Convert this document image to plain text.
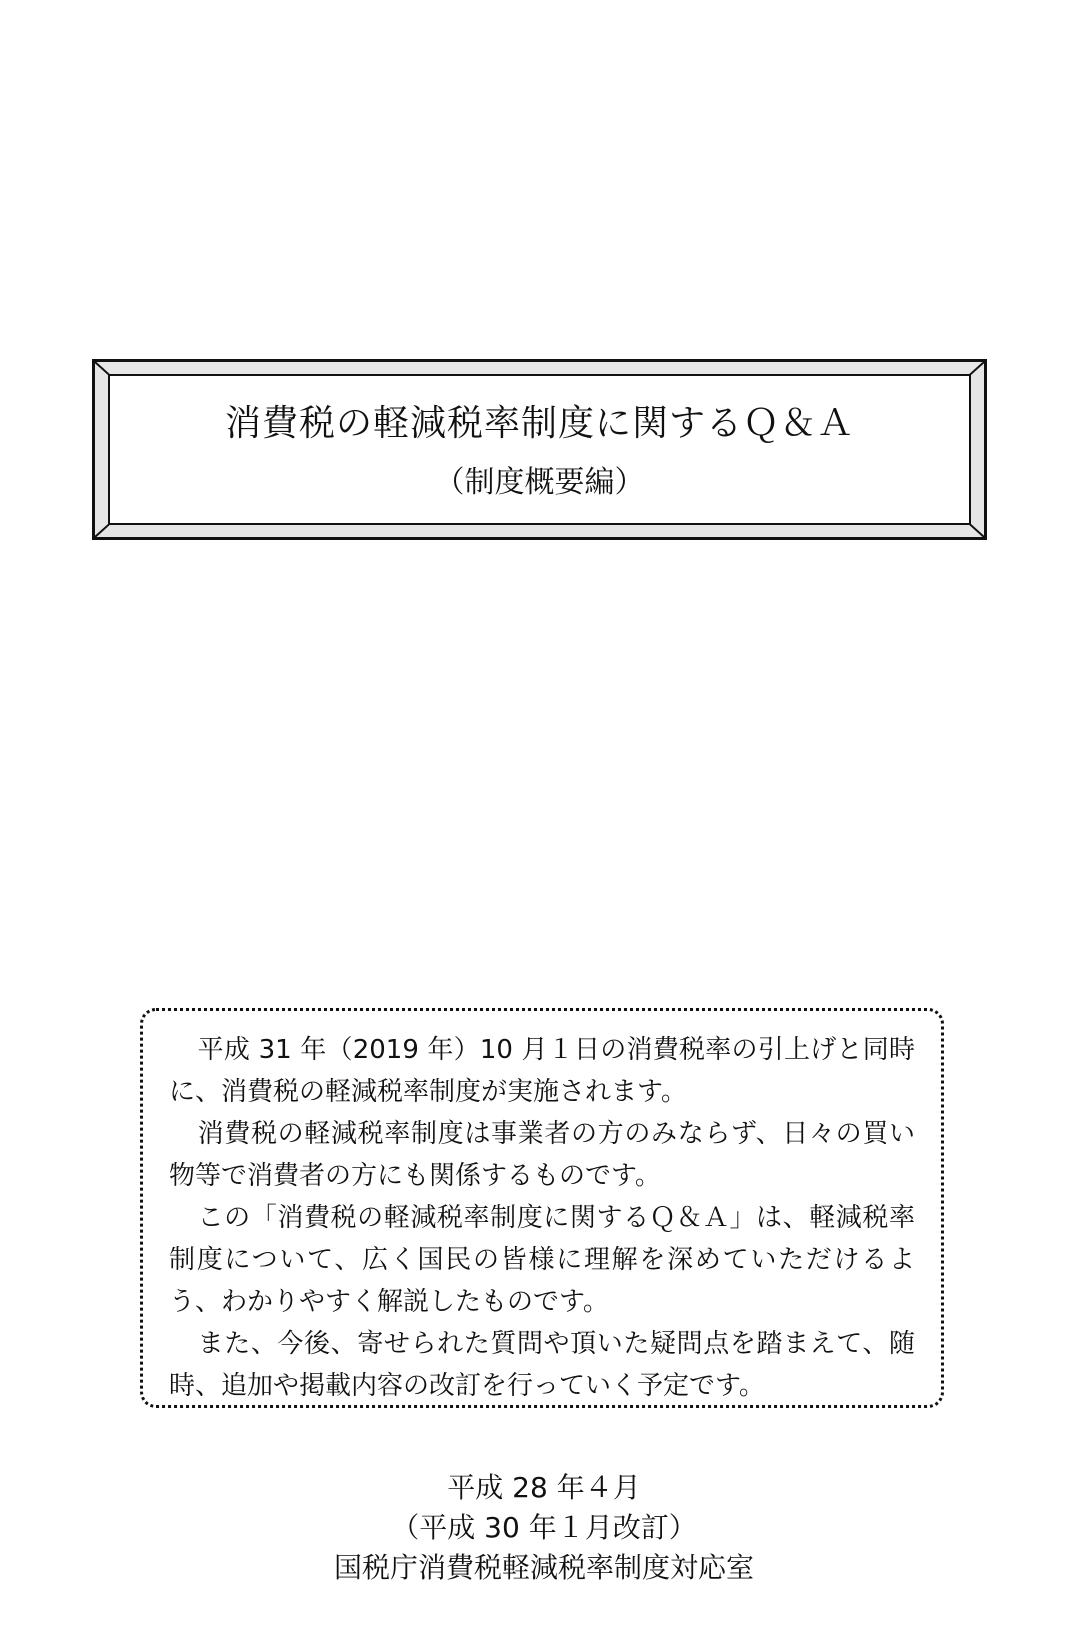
消費税の軽減税率制度に関するＱ＆Ａ
（制度概要編）

平成 31 年（2019 年）10 月１日の消費税率の引上げと同時に、消費税の軽減税率制度が実施されます。

消費税の軽減税率制度は事業者の方のみならず、日々の買い物等で消費者の方にも関係するものです。

この「消費税の軽減税率制度に関するＱ＆Ａ」は、軽減税率制度について、広く国民の皆様に理解を深めていただけるよう、わかりやすく解説したものです。

また、今後、寄せられた質問や頂いた疑問点を踏まえて、随時、追加や掲載内容の改訂を行っていく予定です。

平成 28 年４月
（平成 30 年１月改訂）
国税庁消費税軽減税率制度対応室
